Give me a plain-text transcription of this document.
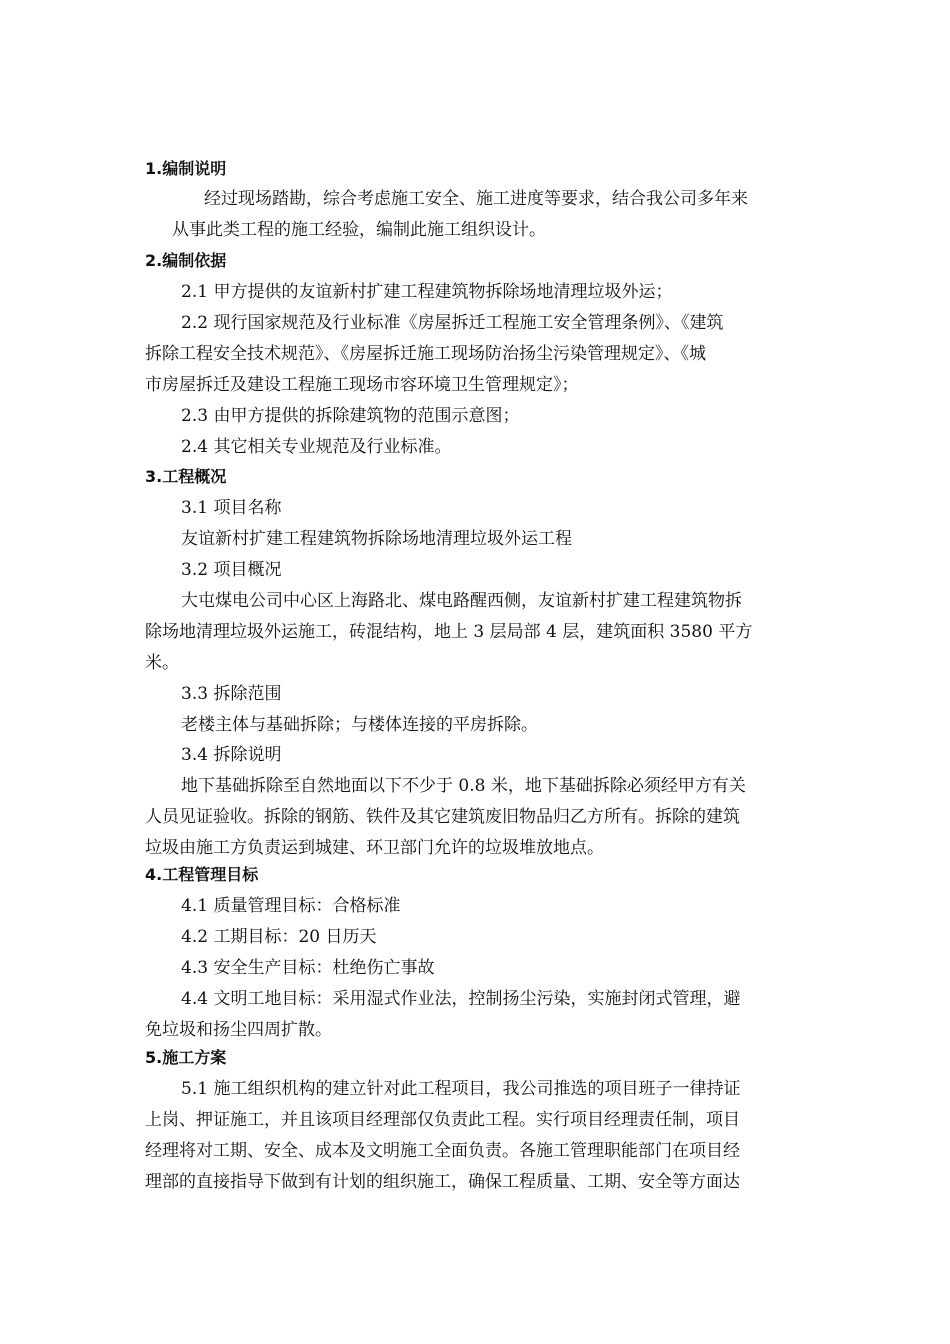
1.编制说明
经过现场踏勘，综合考虑施工安全、施工进度等要求，结合我公司多年来
从事此类工程的施工经验，编制此施工组织设计。
2.编制依据
2.1 甲方提供的友谊新村扩建工程建筑物拆除场地清理垃圾外运；
2.2 现行国家规范及行业标准《房屋拆迁工程施工安全管理条例》、《建筑
拆除工程安全技术规范》、《房屋拆迁施工现场防治扬尘污染管理规定》、《城
市房屋拆迁及建设工程施工现场市容环境卫生管理规定》；
2.3 由甲方提供的拆除建筑物的范围示意图；
2.4 其它相关专业规范及行业标准。
3.工程概况
3.1 项目名称
友谊新村扩建工程建筑物拆除场地清理垃圾外运工程
3.2 项目概况
大屯煤电公司中心区上海路北、煤电路醒西侧，友谊新村扩建工程建筑物拆
除场地清理垃圾外运施工，砖混结构，地上 3 层局部 4 层，建筑面积 3580 平方
米。
3.3 拆除范围
老楼主体与基础拆除；与楼体连接的平房拆除。
3.4 拆除说明
地下基础拆除至自然地面以下不少于 0.8 米，地下基础拆除必须经甲方有关
人员见证验收。拆除的钢筋、铁件及其它建筑废旧物品归乙方所有。拆除的建筑
垃圾由施工方负责运到城建、环卫部门允许的垃圾堆放地点。
4.工程管理目标
4.1 质量管理目标：合格标准
4.2 工期目标：20 日历天
4.3 安全生产目标：杜绝伤亡事故
4.4 文明工地目标：采用湿式作业法，控制扬尘污染，实施封闭式管理，避
免垃圾和扬尘四周扩散。
5.施工方案
5.1 施工组织机构的建立针对此工程项目，我公司推选的项目班子一律持证
上岗、押证施工，并且该项目经理部仅负责此工程。实行项目经理责任制，项目
经理将对工期、安全、成本及文明施工全面负责。各施工管理职能部门在项目经
理部的直接指导下做到有计划的组织施工，确保工程质量、工期、安全等方面达
